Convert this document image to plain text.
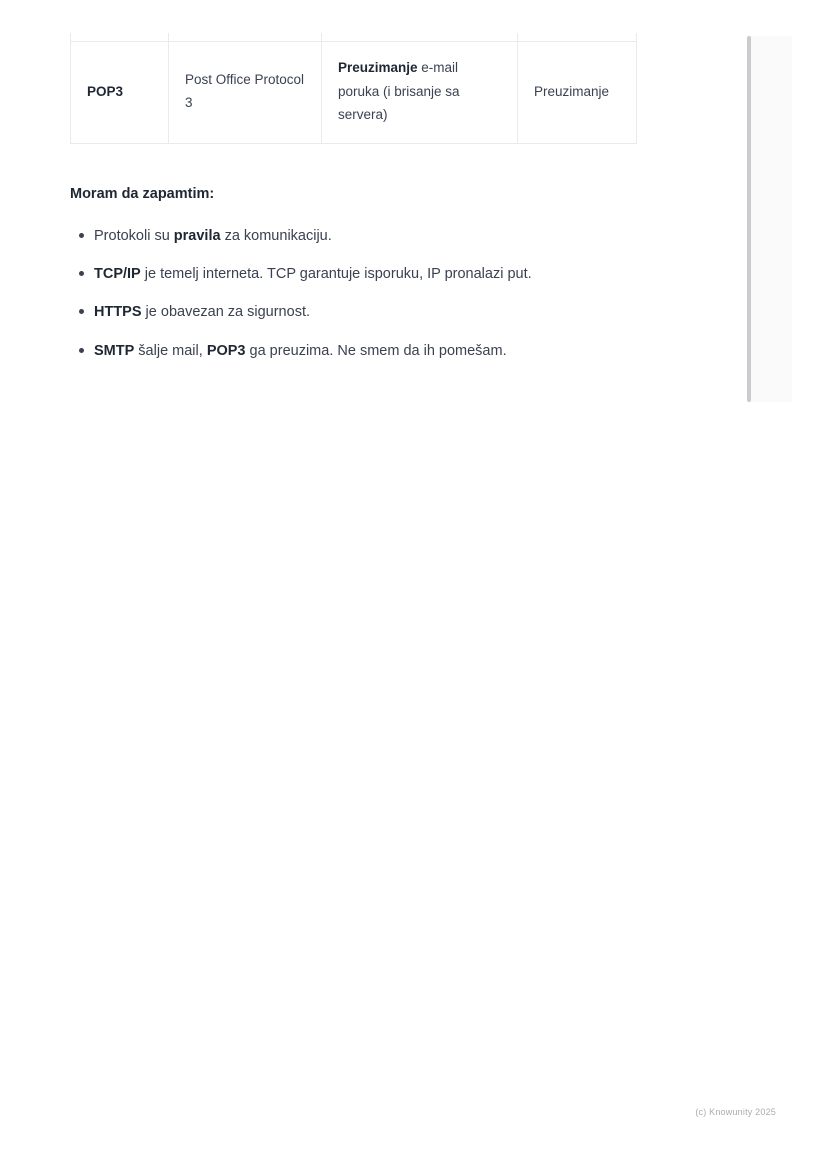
POP3	Post Office Protocol 3	Preuzimanje e-mail poruka (i brisanje sa servera)	Preuzimanje
Moram da zapamtim:
Protokoli su pravila za komunikaciju.
TCP/IP je temelj interneta. TCP garantuje isporuku, IP pronalazi put.
HTTPS je obavezan za sigurnost.
SMTP šalje mail, POP3 ga preuzima. Ne smem da ih pomešam.
(c) Knowunity 2025
